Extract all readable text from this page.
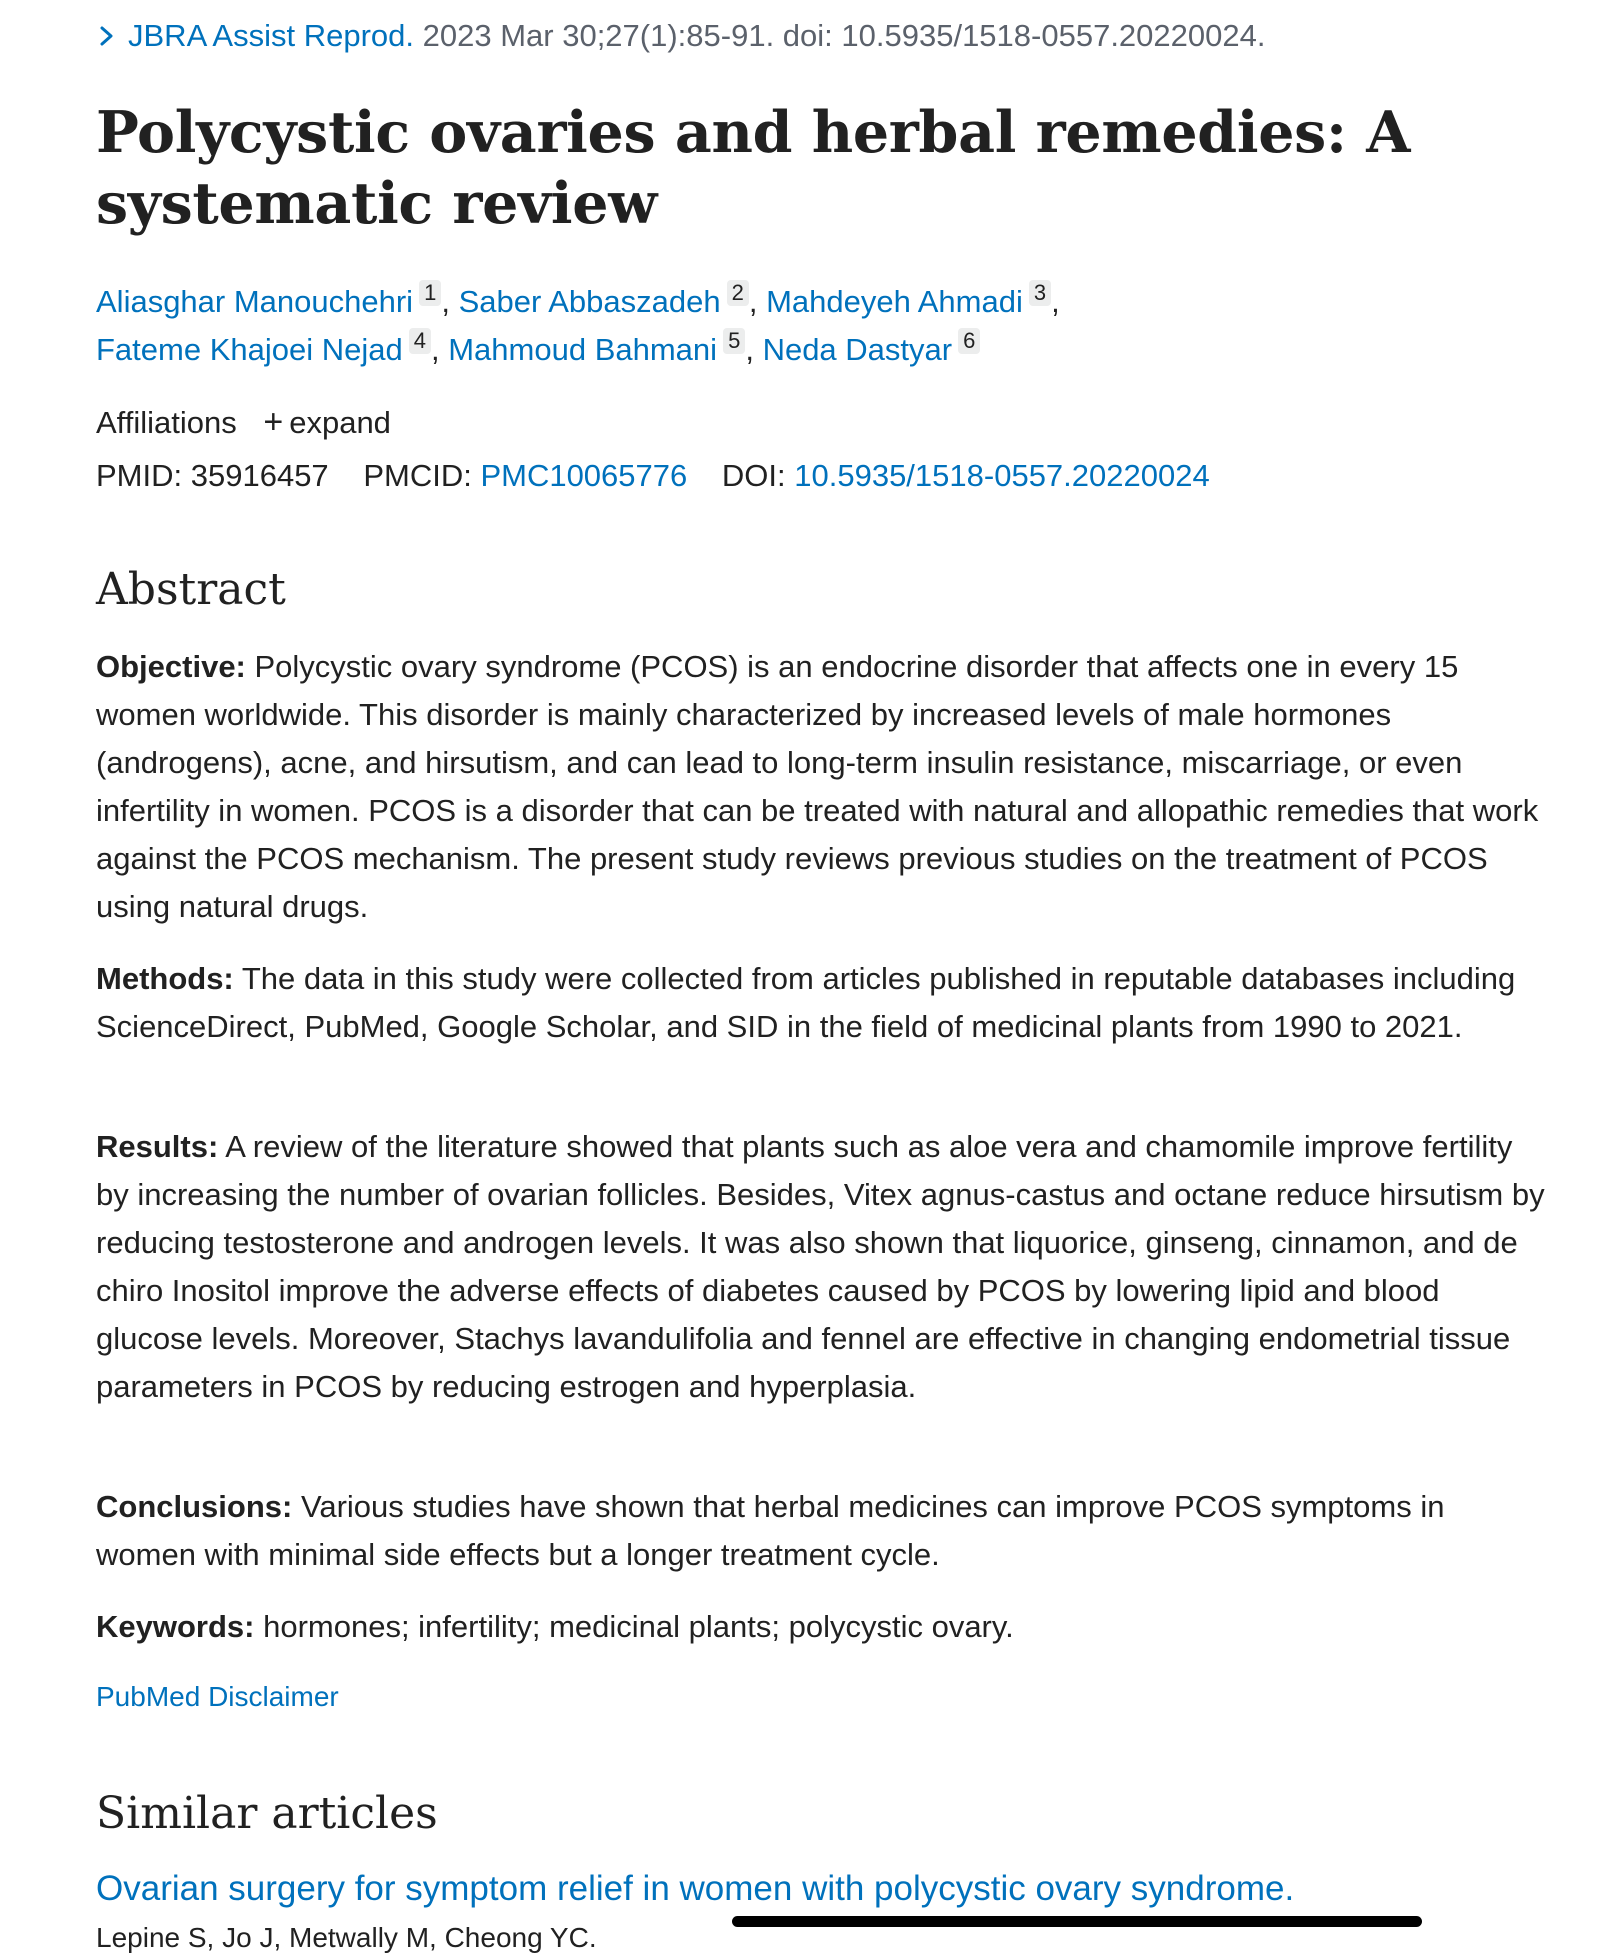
JBRA Assist Reprod. 2023 Mar 30;27(1):85-91. doi: 10.5935/1518-0557.20220024.
Polycystic ovaries and herbal remedies: A systematic review
Aliasghar Manouchehri 1 , Saber Abbaszadeh 2 , Mahdeyeh Ahmadi 3 ,
Fateme Khajoei Nejad 4 , Mahmoud Bahmani 5 , Neda Dastyar 6
Affiliations + expand
PMID: 35916457 PMCID: PMC10065776 DOI: 10.5935/1518-0557.20220024
Abstract

Objective: Polycystic ovary syndrome (PCOS) is an endocrine disorder that affects one in every 15 women worldwide. This disorder is mainly characterized by increased levels of male hormones (androgens), acne, and hirsutism, and can lead to long-term insulin resistance, miscarriage, or even infertility in women. PCOS is a disorder that can be treated with natural and allopathic remedies that work against the PCOS mechanism. The present study reviews previous studies on the treatment of PCOS using natural drugs.

Methods: The data in this study were collected from articles published in reputable databases including ScienceDirect, PubMed, Google Scholar, and SID in the field of medicinal plants from 1990 to 2021.

Results: A review of the literature showed that plants such as aloe vera and chamomile improve fertility by increasing the number of ovarian follicles. Besides, Vitex agnus-castus and octane reduce hirsutism by reducing testosterone and androgen levels. It was also shown that liquorice, ginseng, cinnamon, and de chiro Inositol improve the adverse effects of diabetes caused by PCOS by lowering lipid and blood glucose levels. Moreover, Stachys lavandulifolia and fennel are effective in changing endometrial tissue parameters in PCOS by reducing estrogen and hyperplasia.

Conclusions: Various studies have shown that herbal medicines can improve PCOS symptoms in women with minimal side effects but a longer treatment cycle.

Keywords: hormones; infertility; medicinal plants; polycystic ovary.

PubMed Disclaimer
Similar articles
Ovarian surgery for symptom relief in women with polycystic ovary syndrome.
Lepine S, Jo J, Metwally M, Cheong YC.
